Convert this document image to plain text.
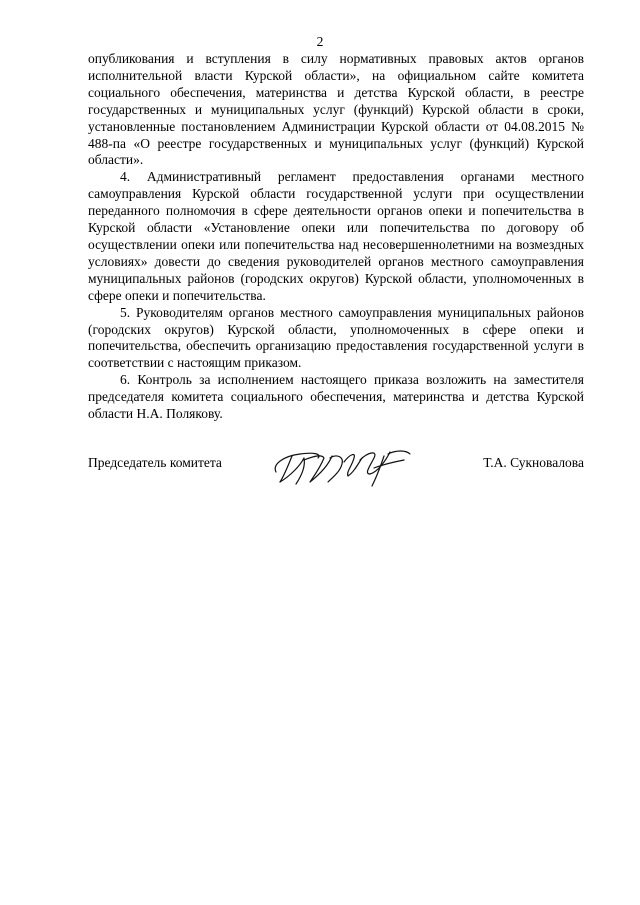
2

опубликования и вступления в силу нормативных правовых актов органов исполнительной власти Курской области», на официальном сайте комитета социального обеспечения, материнства и детства Курской области, в реестре государственных и муниципальных услуг (функций) Курской области в сроки, установленные постановлением Администрации Курской области от 04.08.2015 № 488-па «О реестре государственных и муниципальных услуг (функций) Курской области».

4. Административный регламент предоставления органами местного самоуправления Курской области государственной услуги при осуществлении переданного полномочия в сфере деятельности органов опеки и попечительства в Курской области «Установление опеки или попечительства по договору об осуществлении опеки или попечительства над несовершеннолетними на возмездных условиях» довести до сведения руководителей органов местного самоуправления муниципальных районов (городских округов) Курской области, уполномоченных в сфере опеки и попечительства.

5. Руководителям органов местного самоуправления муниципальных районов (городских округов) Курской области, уполномоченных в сфере опеки и попечительства, обеспечить организацию предоставления государственной услуги в соответствии с настоящим приказом.

6. Контроль за исполнением настоящего приказа возложить на заместителя председателя комитета социального обеспечения, материнства и детства Курской области Н.А. Полякову.

Председатель комитета	Т.А. Сукновалова
